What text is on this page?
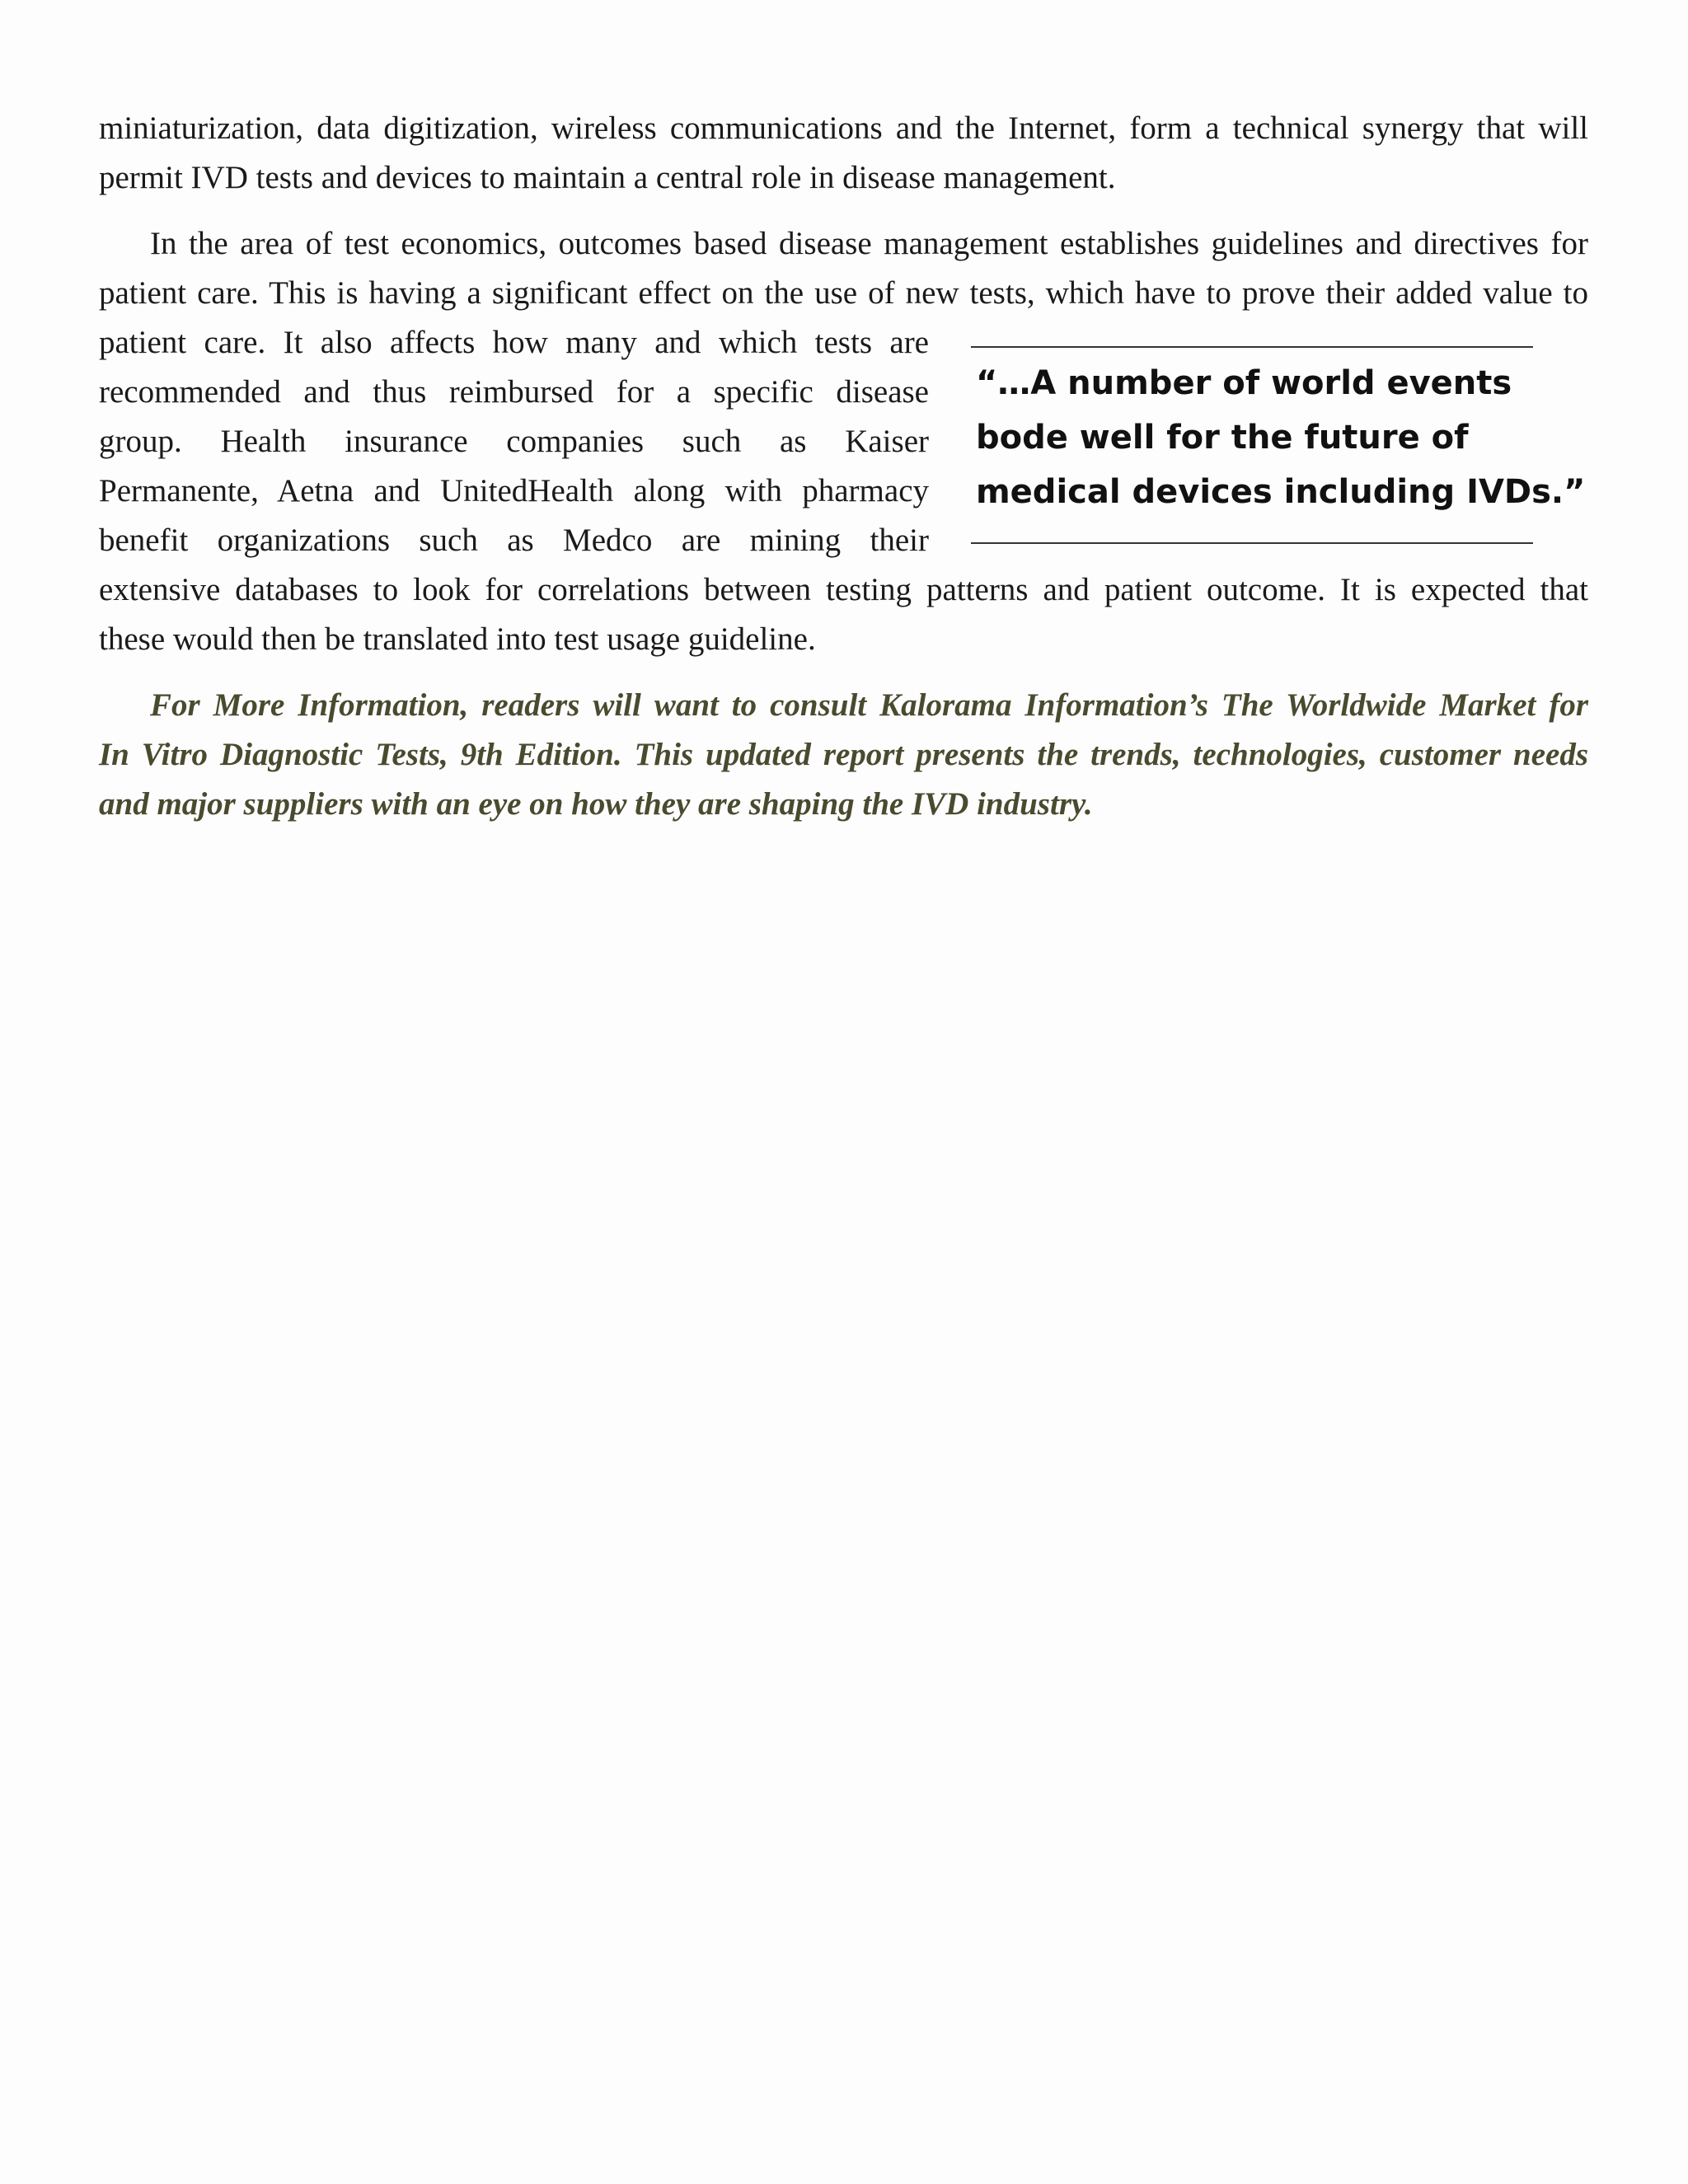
miniaturization, data digitization, wireless communications and the Internet, form a technical synergy that will
permit IVD tests and devices to maintain a central role in disease management.
In the area of test economics, outcomes based disease management establishes guidelines and directives for
patient care. This is having a significant effect on the use of new tests, which have to prove their added value to
patient care. It also affects how many and which tests are
recommended and thus reimbursed for a specific disease
group. Health insurance companies such as Kaiser
Permanente, Aetna and UnitedHealth along with pharmacy
benefit organizations such as Medco are mining their
extensive databases to look for correlations between testing patterns and patient outcome. It is expected that
these would then be translated into test usage guideline.
“…A number of world events
bode well for the future of
medical devices including IVDs.”
For More Information, readers will want to consult Kalorama Information’s The Worldwide Market for
In Vitro Diagnostic Tests, 9th Edition. This updated report presents the trends, technologies, customer needs
and major suppliers with an eye on how they are shaping the IVD industry.
